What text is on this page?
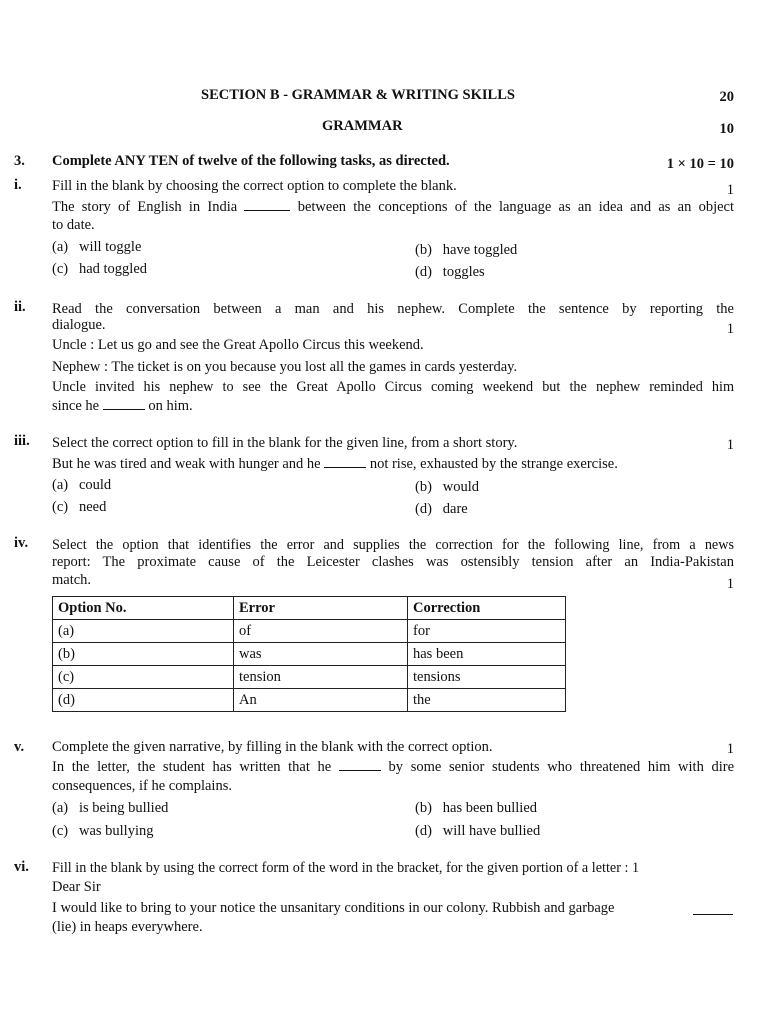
SECTION B - GRAMMAR & WRITING SKILLS	20
GRAMMAR	10
3. Complete ANY TEN of twelve of the following tasks, as directed.	1 × 10 = 10
i. Fill in the blank by choosing the correct option to complete the blank.	1
The story of English in India	between the conceptions of the language as an idea and as an object
to date.
(a) will toggle	(b) have toggled
(c) had toggled	(d) toggles
ii. Read the conversation between a man and his nephew. Complete the sentence by reporting the
dialogue.	1
Uncle : Let us go and see the Great Apollo Circus this weekend.
Nephew : The ticket is on you because you lost all the games in cards yesterday.
Uncle invited his nephew to see the Great Apollo Circus coming weekend but the nephew reminded him
since he	on him.
iii. Select the correct option to fill in the blank for the given line, from a short story.	1
But he was tired and weak with hunger and he	not rise, exhausted by the strange exercise.
(a) could	(b) would
(c) need	(d) dare
iv. Select the option that identifies the error and supplies the correction for the following line, from a news
report: The proximate cause of the Leicester clashes was ostensibly tension after an India-Pakistan
match.	1
Option No.	Error	Correction
(a)	of	for
(b)	was	has been
(c)	tension	tensions
(d)	An	the
v. Complete the given narrative, by filling in the blank with the correct option.	1
In the letter, the student has written that he	by some senior students who threatened him with dire
consequences, if he complains.
(a) is being bullied	(b) has been bullied
(c) was bullying	(d) will have bullied
vi. Fill in the blank by using the correct form of the word in the bracket, for the given portion of a letter : 1
Dear Sir
I would like to bring to your notice the unsanitary conditions in our colony. Rubbish and garbage
(lie) in heaps everywhere.
